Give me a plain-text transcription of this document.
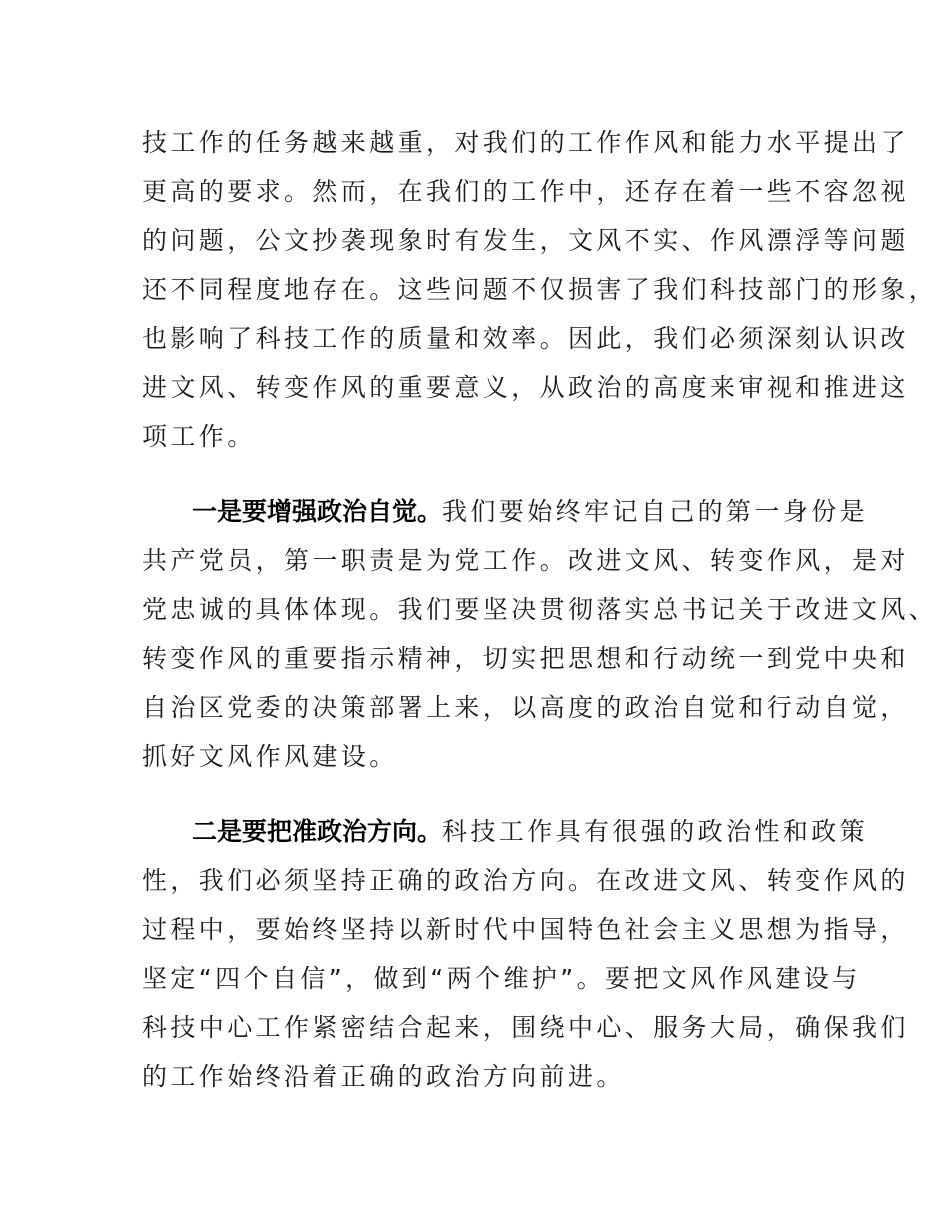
技工作的任务越来越重，对我们的工作作风和能力水平提出了
更高的要求。然而，在我们的工作中，还存在着一些不容忽视
的问题，公文抄袭现象时有发生，文风不实、作风漂浮等问题
还不同程度地存在。这些问题不仅损害了我们科技部门的形象，
也影响了科技工作的质量和效率。因此，我们必须深刻认识改
进文风、转变作风的重要意义，从政治的高度来审视和推进这
项工作。
一是要增强政治自觉。我们要始终牢记自己的第一身份是
共产党员，第一职责是为党工作。改进文风、转变作风，是对
党忠诚的具体体现。我们要坚决贯彻落实总书记关于改进文风、
转变作风的重要指示精神，切实把思想和行动统一到党中央和
自治区党委的决策部署上来，以高度的政治自觉和行动自觉，
抓好文风作风建设。
二是要把准政治方向。科技工作具有很强的政治性和政策
性，我们必须坚持正确的政治方向。在改进文风、转变作风的
过程中，要始终坚持以新时代中国特色社会主义思想为指导，
坚定“四个自信”，做到“两个维护”。要把文风作风建设与
科技中心工作紧密结合起来，围绕中心、服务大局，确保我们
的工作始终沿着正确的政治方向前进。
